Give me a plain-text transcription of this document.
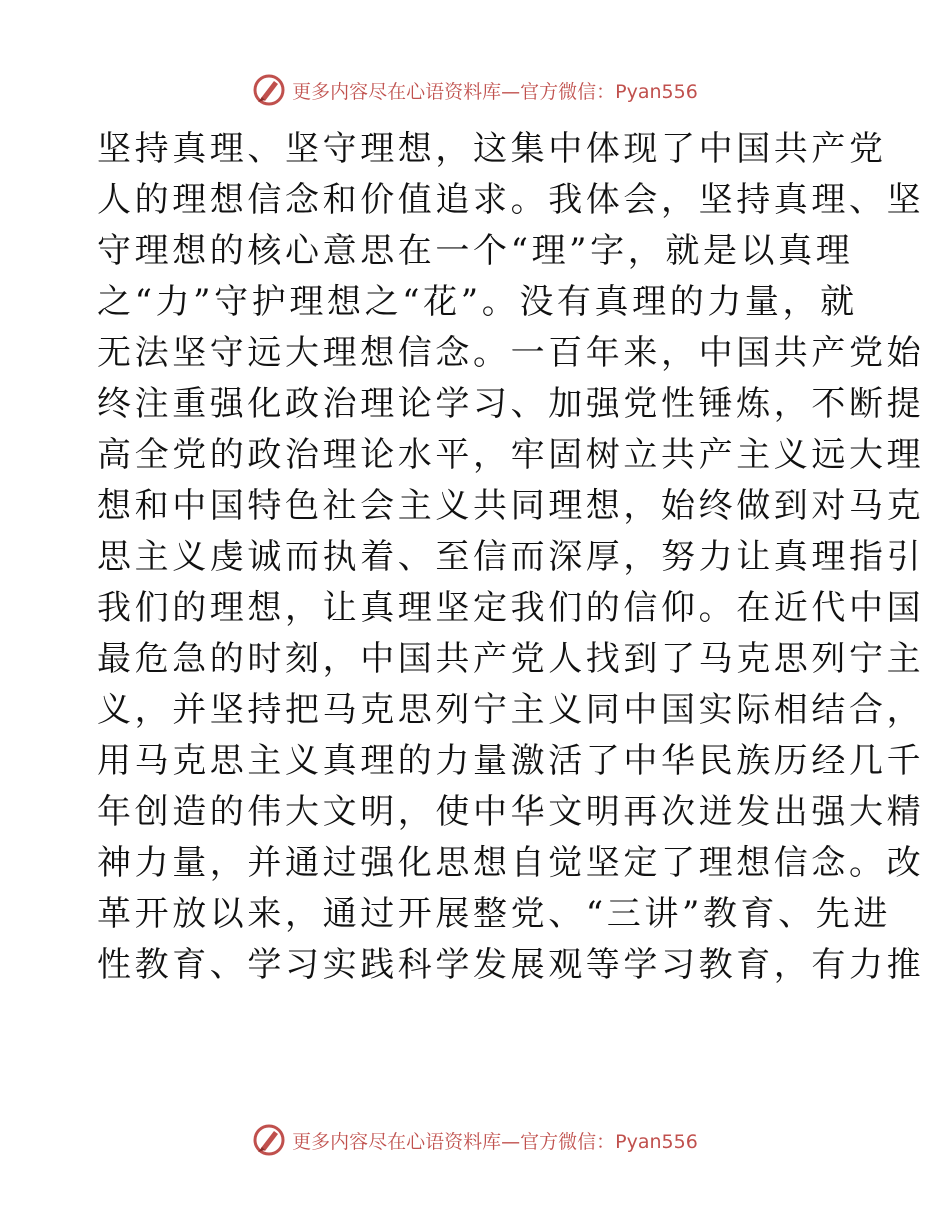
更多内容尽在心语资料库—官方微信：Pyan556
坚持真理、坚守理想，这集中体现了中国共产党
人的理想信念和价值追求。我体会，坚持真理、坚
守理想的核心意思在一个“理”字，就是以真理
之“力”守护理想之“花”。没有真理的力量，就
无法坚守远大理想信念。一百年来，中国共产党始
终注重强化政治理论学习、加强党性锤炼，不断提
高全党的政治理论水平，牢固树立共产主义远大理
想和中国特色社会主义共同理想，始终做到对马克
思主义虔诚而执着、至信而深厚，努力让真理指引
我们的理想，让真理坚定我们的信仰。在近代中国
最危急的时刻，中国共产党人找到了马克思列宁主
义，并坚持把马克思列宁主义同中国实际相结合，
用马克思主义真理的力量激活了中华民族历经几千
年创造的伟大文明，使中华文明再次迸发出强大精
神力量，并通过强化思想自觉坚定了理想信念。改
革开放以来，通过开展整党、“三讲”教育、先进
性教育、学习实践科学发展观等学习教育，有力推
更多内容尽在心语资料库—官方微信：Pyan556
